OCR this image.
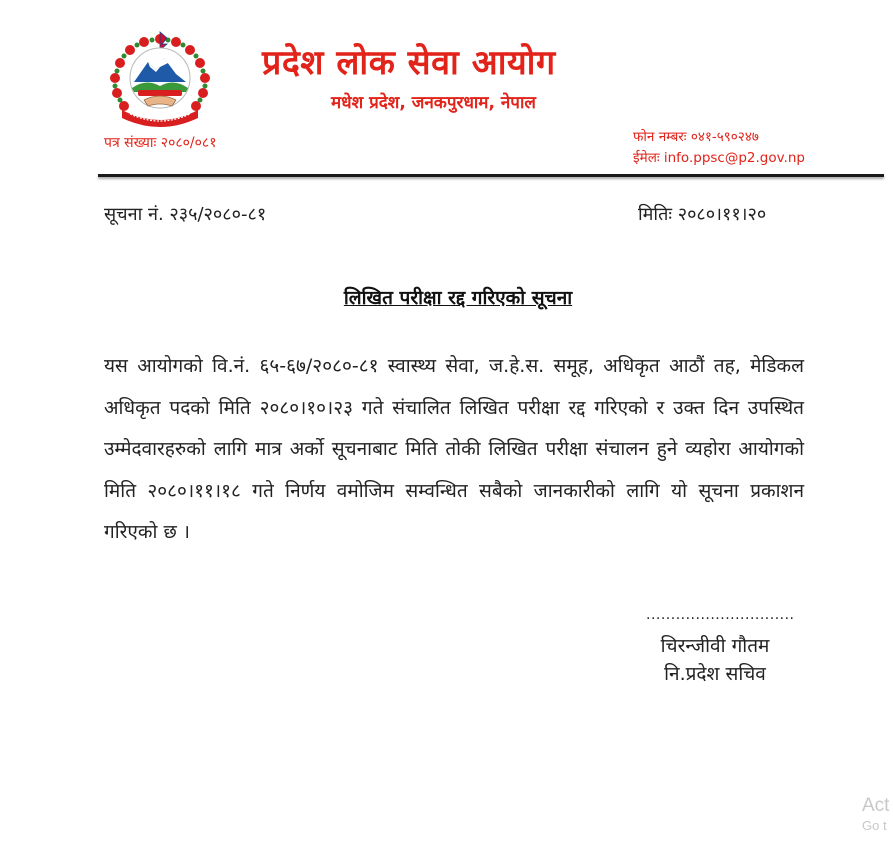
प्रदेश लोक सेवा आयोग
मधेश प्रदेश, जनकपुरधाम, नेपाल
पत्र संख्याः २०८०/०८१	फोन नम्बरः ०४१-५९०२४७
ईमेलः info.ppsc@p2.gov.np
सूचना नं. २३५/२०८०-८१	मितिः २०८०।११।२०
लिखित परीक्षा रद्द गरिएको सूचना
यस आयोगको वि.नं. ६५-६७/२०८०-८१ स्वास्थ्य सेवा, ज.हे.स. समूह, अधिकृत आठौं तह, मेडिकल अधिकृत पदको मिति २०८०।१०।२३ गते संचालित लिखित परीक्षा रद्द गरिएको र उक्त दिन उपस्थित उम्मेदवारहरुको लागि मात्र अर्को सूचनाबाट मिति तोकी लिखित परीक्षा संचालन हुने व्यहोरा आयोगको मिति २०८०।११।१८ गते निर्णय वमोजिम सम्वन्धित सबैको जानकारीको लागि यो सूचना प्रकाशन गरिएको छ ।
..............................
चिरन्जीवी गौतम
नि.प्रदेश सचिव
Act
Go t
